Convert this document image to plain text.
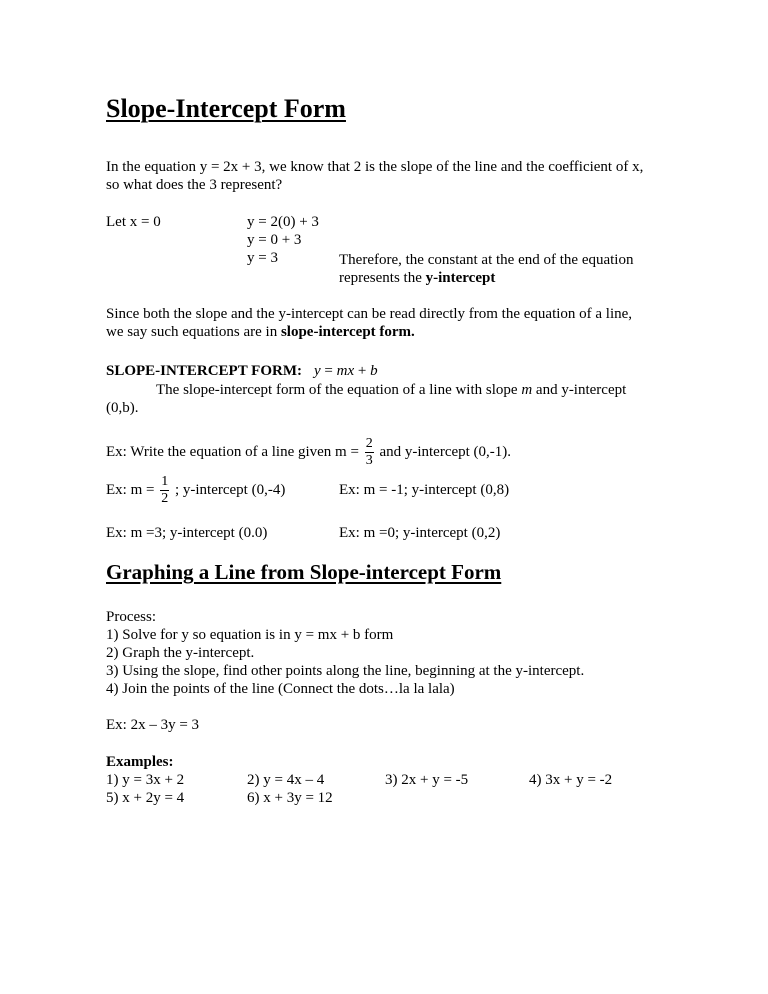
Slope-Intercept Form
In the equation y = 2x + 3, we know that 2 is the slope of the line and the coefficient of x,
so what does the 3 represent?
Let x = 0	y = 2(0) + 3
y = 0 + 3
y = 3	Therefore, the constant at the end of the equation
represents the y-intercept
Since both the slope and the y-intercept can be read directly from the equation of a line,
we say such equations are in slope-intercept form.
SLOPE-INTERCEPT FORM: y = mx + b
The slope-intercept form of the equation of a line with slope m and y-intercept
(0,b).
Ex: Write the equation of a line given $m = \frac{2}{3}$ and y-intercept (0,-1).
Ex: $m = \frac{1}{2}$ ; y-intercept (0,-4)	Ex: m = -1; y-intercept (0,8)
Ex: m =3; y-intercept (0.0)	Ex: m =0; y-intercept (0,2)
Graphing a Line from Slope-intercept Form
Process:
1) Solve for y so equation is in y = mx + b form
2) Graph the y-intercept.
3) Using the slope, find other points along the line, beginning at the y-intercept.
4) Join the points of the line (Connect the dots…la la lala)
Ex: 2x – 3y = 3
Examples:
1) y = 3x + 2	2) y = 4x – 4	3) 2x + y = -5	4) 3x + y = -2
5) x + 2y = 4	6) x + 3y = 12
